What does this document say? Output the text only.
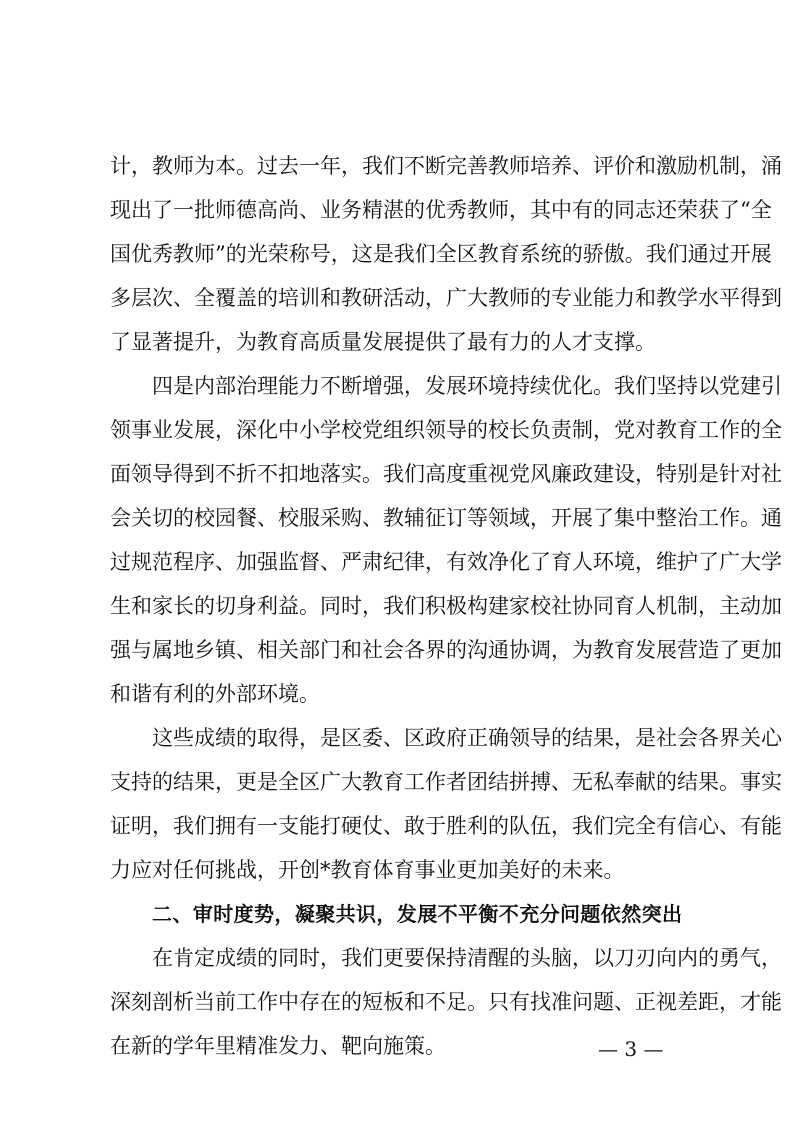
计，教师为本。过去一年，我们不断完善教师培养、评价和激励机制，涌
现出了一批师德高尚、业务精湛的优秀教师，其中有的同志还荣获了“全
国优秀教师”的光荣称号，这是我们全区教育系统的骄傲。我们通过开展
多层次、全覆盖的培训和教研活动，广大教师的专业能力和教学水平得到
了显著提升，为教育高质量发展提供了最有力的人才支撑。
四是内部治理能力不断增强，发展环境持续优化。我们坚持以党建引
领事业发展，深化中小学校党组织领导的校长负责制，党对教育工作的全
面领导得到不折不扣地落实。我们高度重视党风廉政建设，特别是针对社
会关切的校园餐、校服采购、教辅征订等领域，开展了集中整治工作。通
过规范程序、加强监督、严肃纪律，有效净化了育人环境，维护了广大学
生和家长的切身利益。同时，我们积极构建家校社协同育人机制，主动加
强与属地乡镇、相关部门和社会各界的沟通协调，为教育发展营造了更加
和谐有利的外部环境。
这些成绩的取得，是区委、区政府正确领导的结果，是社会各界关心
支持的结果，更是全区广大教育工作者团结拼搏、无私奉献的结果。事实
证明，我们拥有一支能打硬仗、敢于胜利的队伍，我们完全有信心、有能
力应对任何挑战，开创*教育体育事业更加美好的未来。
二、审时度势，凝聚共识，发展不平衡不充分问题依然突出
在肯定成绩的同时，我们更要保持清醒的头脑，以刀刃向内的勇气，
深刻剖析当前工作中存在的短板和不足。只有找准问题、正视差距，才能
在新的学年里精准发力、靶向施策。	— 3 —
